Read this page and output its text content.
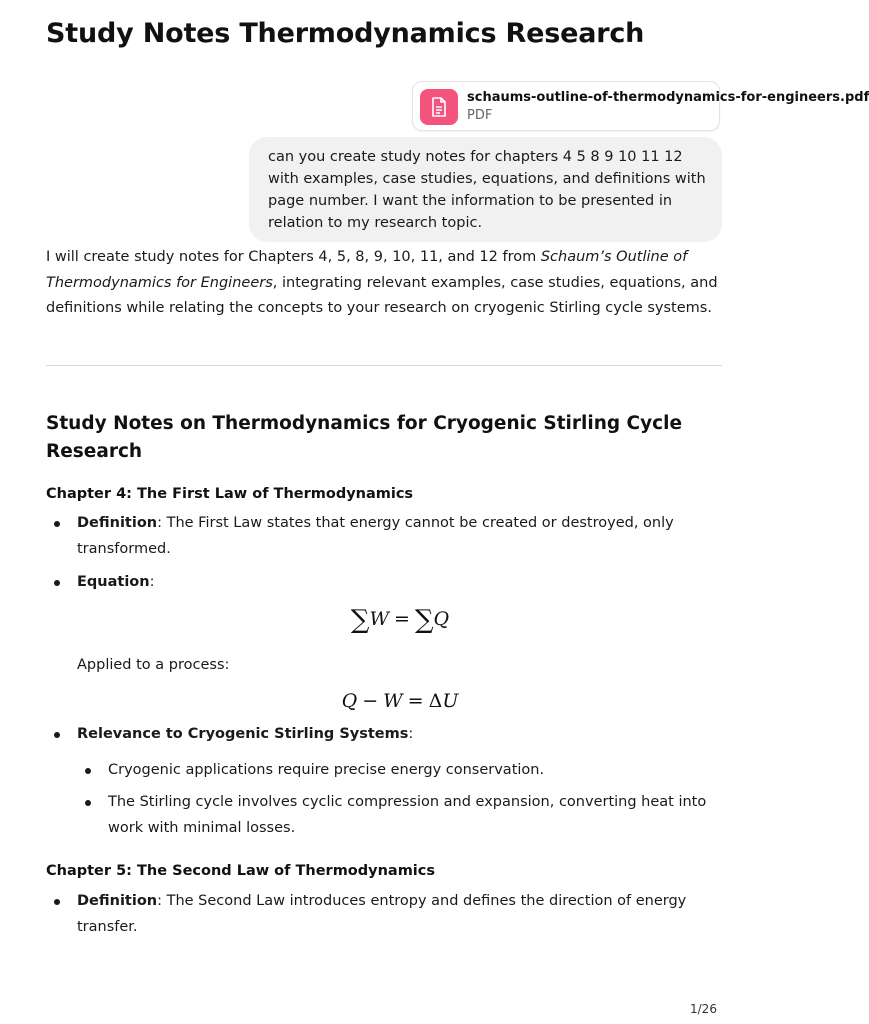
Study Notes Thermodynamics Research
schaums-outline-of-thermodynamics-for-engineers.pdf
PDF
can you create study notes for chapters 4 5 8 9 10 11 12 with examples, case studies, equations, and definitions with page number. I want the information to be presented in relation to my research topic.

I will create study notes for Chapters 4, 5, 8, 9, 10, 11, and 12 from Schaum’s Outline of Thermodynamics for Engineers, integrating relevant examples, case studies, equations, and definitions while relating the concepts to your research on cryogenic Stirling cycle systems.

Study Notes on Thermodynamics for Cryogenic Stirling Cycle Research
Chapter 4: The First Law of Thermodynamics

Definition: The First Law states that energy cannot be created or destroyed, only transformed.

Equation:

∑W = ∑Q

Applied to a process:

Q − W = ΔU

Relevance to Cryogenic Stirling Systems:

Cryogenic applications require precise energy conservation.

The Stirling cycle involves cyclic compression and expansion, converting heat into work with minimal losses.

Chapter 5: The Second Law of Thermodynamics

Definition: The Second Law introduces entropy and defines the direction of energy transfer.

1/26
